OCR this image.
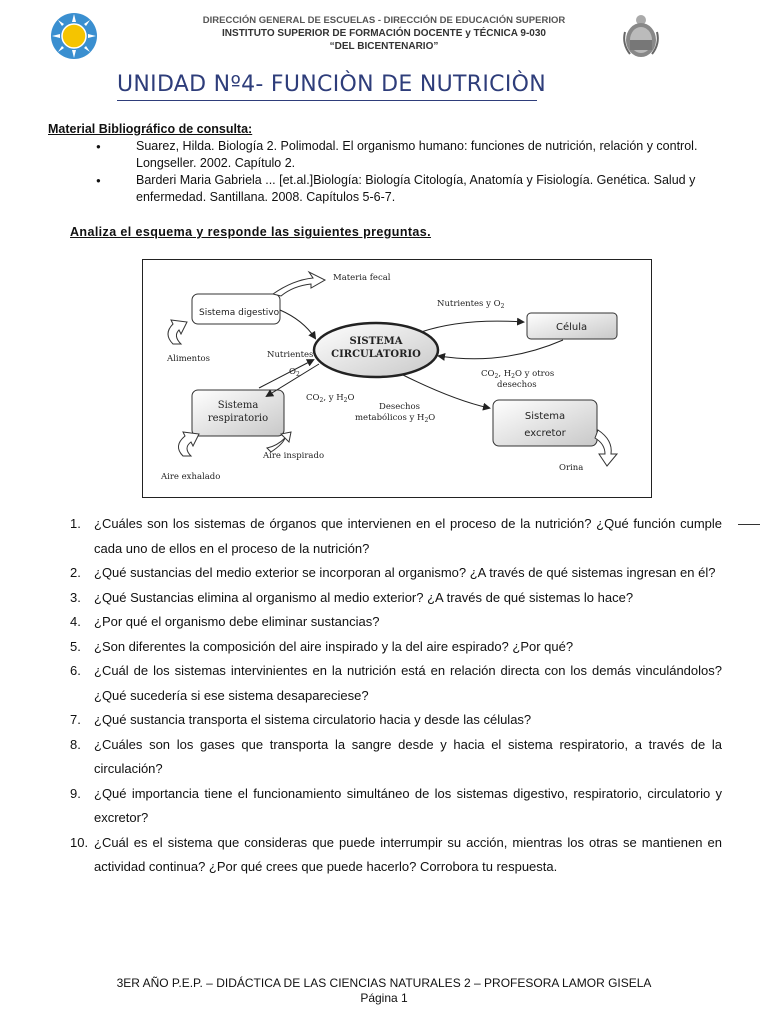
DIRECCIÓN GENERAL DE ESCUELAS - DIRECCIÓN DE EDUCACIÓN SUPERIOR
INSTITUTO SUPERIOR DE FORMACIÓN DOCENTE y TÉCNICA 9-030
“DEL BICENTENARIO”
UNIDAD Nº4- FUNCIÒN DE NUTRICIÒN
Material Bibliográfico de consulta:
● Suarez, Hilda. Biología 2. Polimodal. El organismo humano: funciones de nutrición, relación y control. Longseller. 2002. Capítulo 2.
● Barderi Maria Gabriela ... [et.al.]Biología: Biología Citología, Anatomía y Fisiología. Genética. Salud y enfermedad. Santillana. 2008. Capítulos 5-6-7.
Analiza el esquema y responde las siguientes preguntas.
Sistema digestivo
SISTEMA
CIRCULATORIO
Célula
Sistema
respiratorio	Sistema
excretor
Materia fecal
Alimentos
Nutrientes y $O_2$
Nutrientes
$O_2$	$CO_2$, $H_2O$ y otros
desechos
$CO_2$, y $H_2O$
Desechos
metabólicos y $H_2O$
Aire inspirado
Aire exhalado
Orina
1. ¿Cuáles son los sistemas de órganos que intervienen en el proceso de la nutrición? ¿Qué función cumple cada uno de ellos en el proceso de la nutrición?
2. ¿Qué sustancias del medio exterior se incorporan al organismo? ¿A través de qué sistemas ingresan en él?
3. ¿Qué Sustancias elimina al organismo al medio exterior? ¿A través de qué sistemas lo hace?
4. ¿Por qué el organismo debe eliminar sustancias?
5. ¿Son diferentes la composición del aire inspirado y la del aire espirado? ¿Por qué?
6. ¿Cuál de los sistemas intervinientes en la nutrición está en relación directa con los demás vinculándolos? ¿Qué sucedería si ese sistema desapareciese?
7. ¿Qué sustancia transporta el sistema circulatorio hacia y desde las células?
8. ¿Cuáles son los gases que transporta la sangre desde y hacia el sistema respiratorio, a través de la circulación?
9. ¿Qué importancia tiene el funcionamiento simultáneo de los sistemas digestivo, respiratorio, circulatorio y excretor?
10. ¿Cuál es el sistema que consideras que puede interrumpir su acción, mientras los otras se mantienen en actividad continua? ¿Por qué crees que puede hacerlo? Corrobora tu respuesta.
3ER AÑO P.E.P. – DIDÁCTICA DE LAS CIENCIAS NATURALES 2 – PROFESORA LAMOR GISELA
Página 1
